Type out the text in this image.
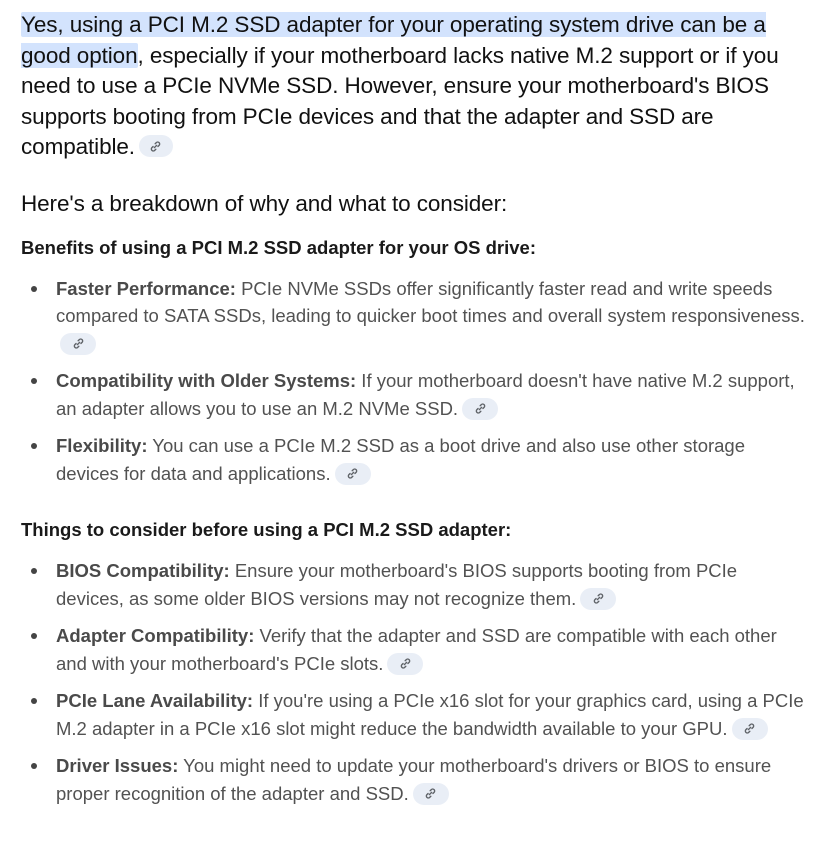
Yes, using a PCI M.2 SSD adapter for your operating system drive can be a good option, especially if your motherboard lacks native M.2 support or if you need to use a PCIe NVMe SSD. However, ensure your motherboard's BIOS supports booting from PCIe devices and that the adapter and SSD are compatible.

Here's a breakdown of why and what to consider:

Benefits of using a PCI M.2 SSD adapter for your OS drive:
Faster Performance: PCIe NVMe SSDs offer significantly faster read and write speeds compared to SATA SSDs, leading to quicker boot times and overall system responsiveness.
Compatibility with Older Systems: If your motherboard doesn't have native M.2 support, an adapter allows you to use an M.2 NVMe SSD.
Flexibility: You can use a PCIe M.2 SSD as a boot drive and also use other storage devices for data and applications.
Things to consider before using a PCI M.2 SSD adapter:
BIOS Compatibility: Ensure your motherboard's BIOS supports booting from PCIe devices, as some older BIOS versions may not recognize them.
Adapter Compatibility: Verify that the adapter and SSD are compatible with each other and with your motherboard's PCIe slots.
PCIe Lane Availability: If you're using a PCIe x16 slot for your graphics card, using a PCIe M.2 adapter in a PCIe x16 slot might reduce the bandwidth available to your GPU.
Driver Issues: You might need to update your motherboard's drivers or BIOS to ensure proper recognition of the adapter and SSD.
